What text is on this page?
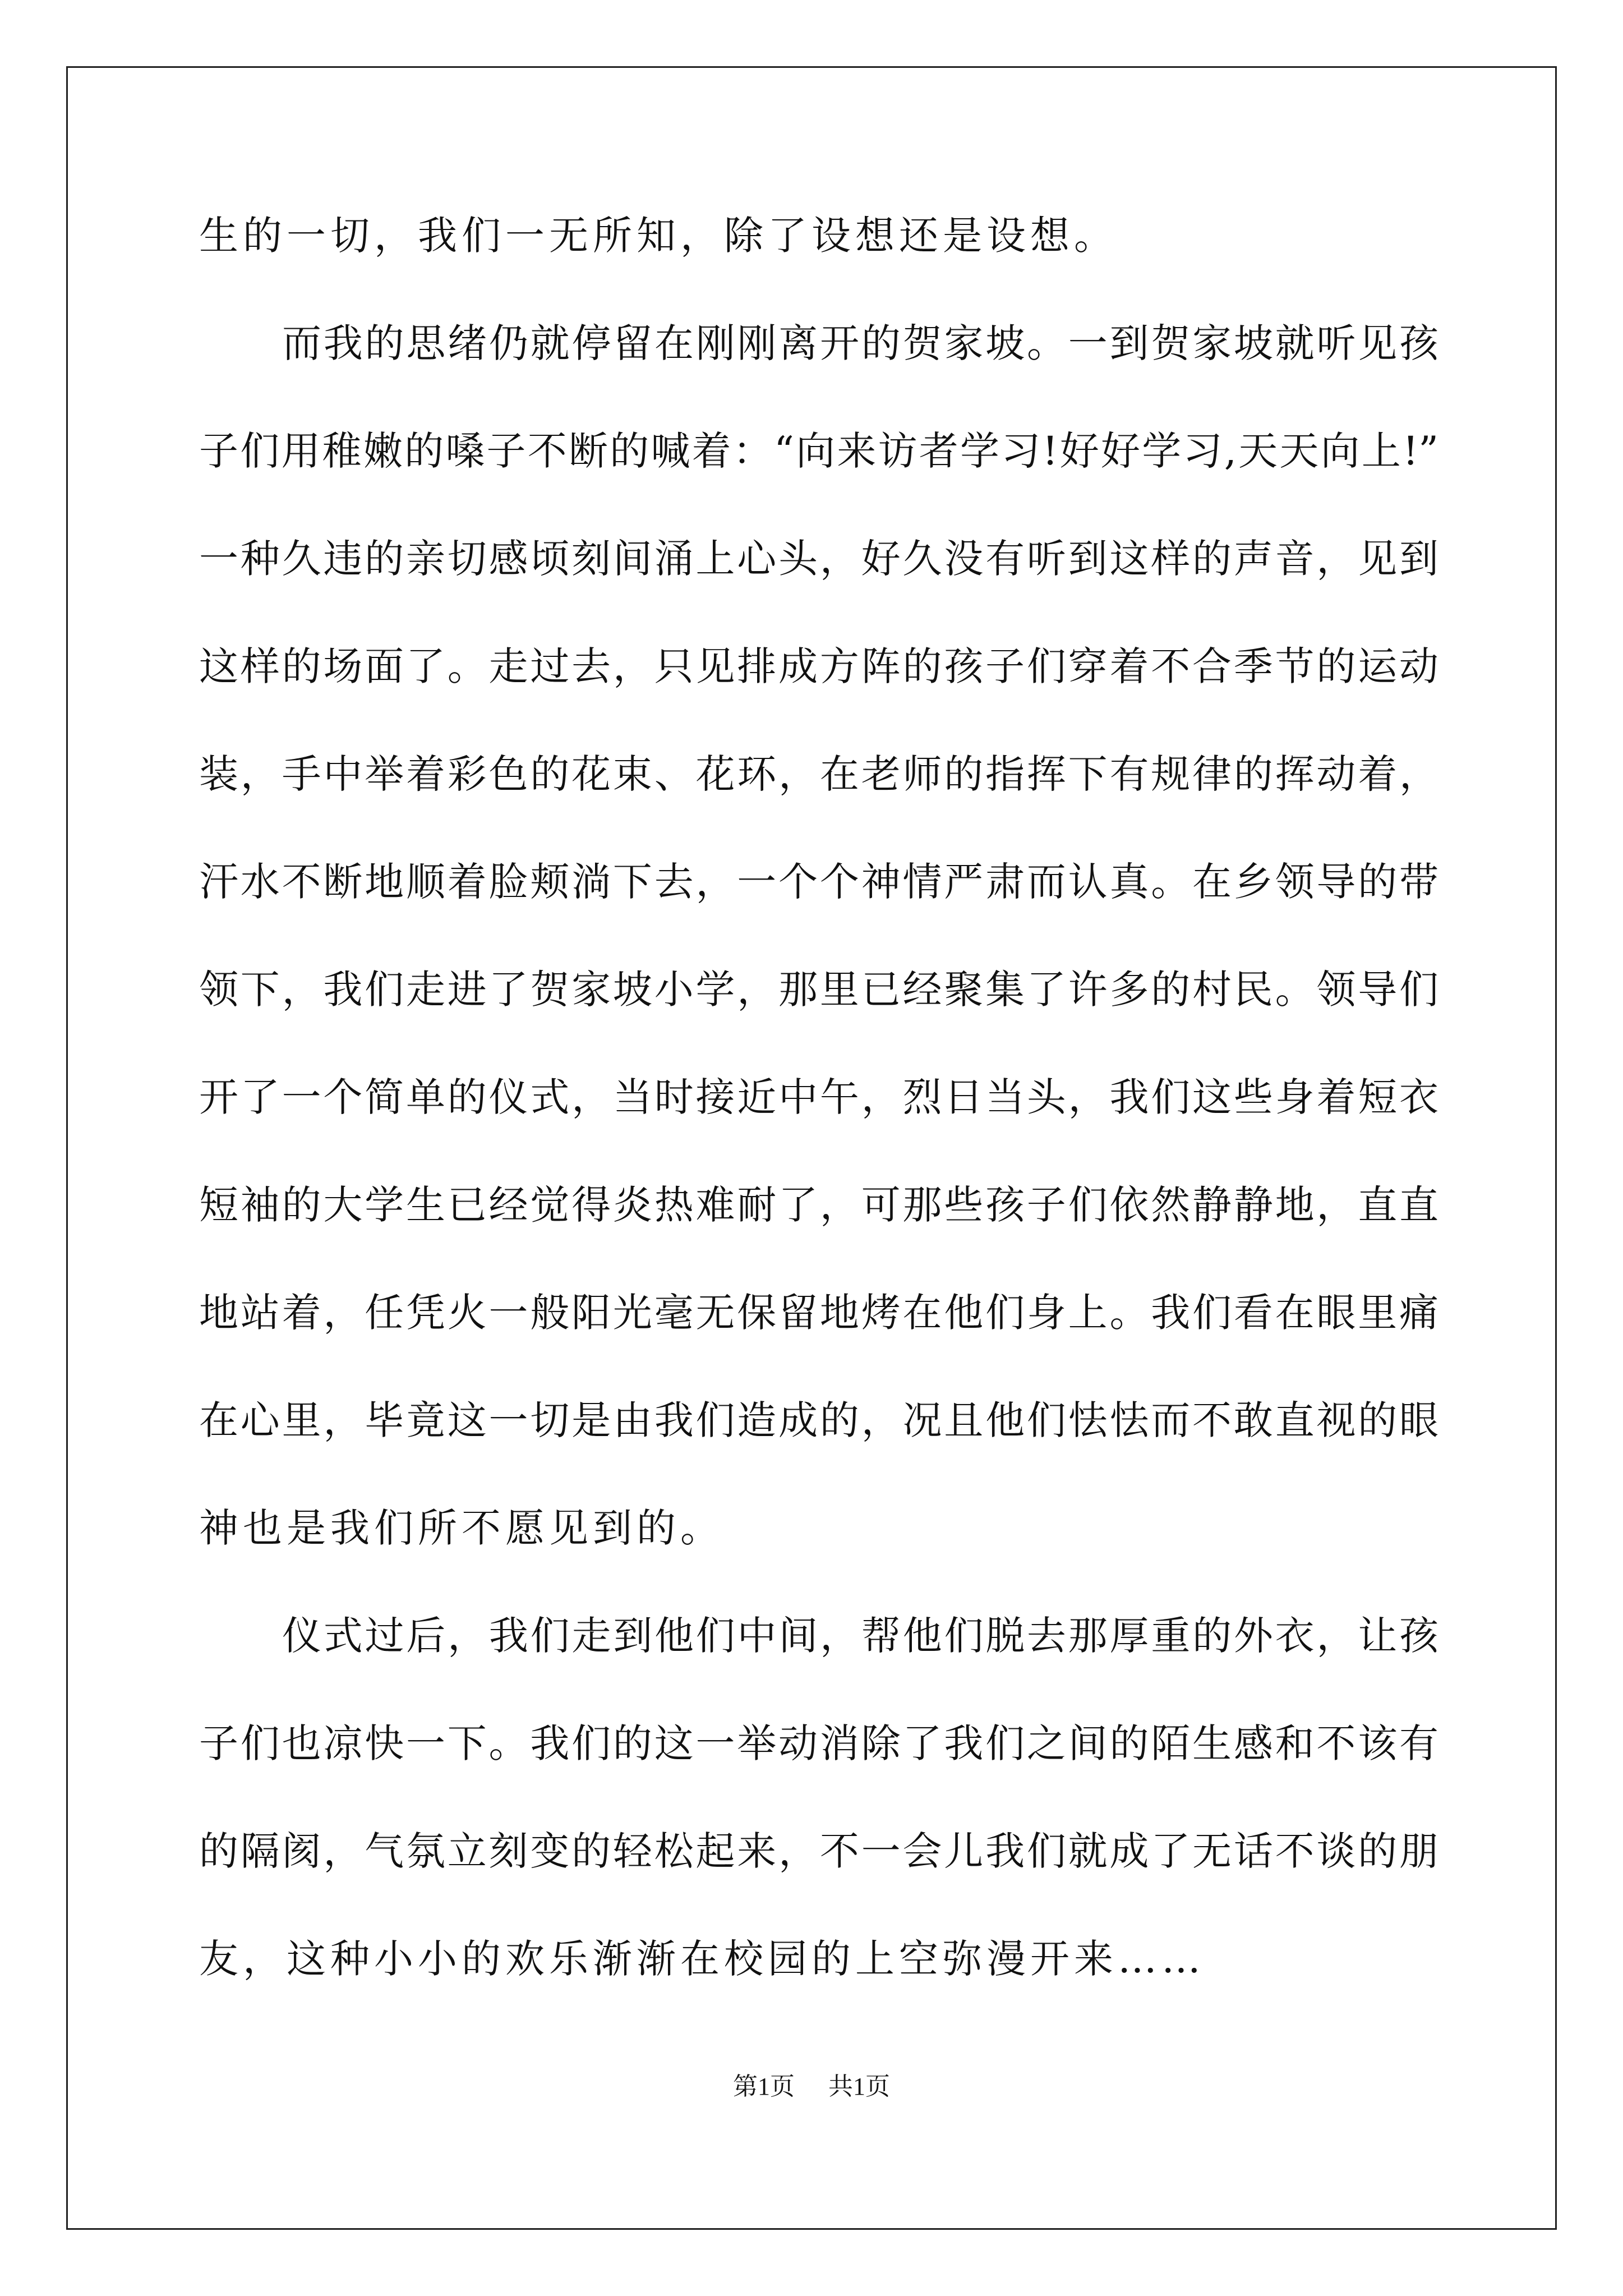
生的一切，我们一无所知，除了设想还是设想。
而我的思绪仍就停留在刚刚离开的贺家坡。一到贺家坡就听见孩
子们用稚嫩的嗓子不断的喊着：“向来访者学习!好好学习,天天向上!”
一种久违的亲切感顷刻间涌上心头，好久没有听到这样的声音，见到
这样的场面了。走过去，只见排成方阵的孩子们穿着不合季节的运动
装，手中举着彩色的花束、花环，在老师的指挥下有规律的挥动着，
汗水不断地顺着脸颊淌下去，一个个神情严肃而认真。在乡领导的带
领下，我们走进了贺家坡小学，那里已经聚集了许多的村民。领导们
开了一个简单的仪式，当时接近中午，烈日当头，我们这些身着短衣
短袖的大学生已经觉得炎热难耐了，可那些孩子们依然静静地，直直
地站着，任凭火一般阳光毫无保留地烤在他们身上。我们看在眼里痛
在心里，毕竟这一切是由我们造成的，况且他们怯怯而不敢直视的眼
神也是我们所不愿见到的。
仪式过后，我们走到他们中间，帮他们脱去那厚重的外衣，让孩
子们也凉快一下。我们的这一举动消除了我们之间的陌生感和不该有
的隔阂，气氛立刻变的轻松起来，不一会儿我们就成了无话不谈的朋
友，这种小小的欢乐渐渐在校园的上空弥漫开来……
第1页 共1页
